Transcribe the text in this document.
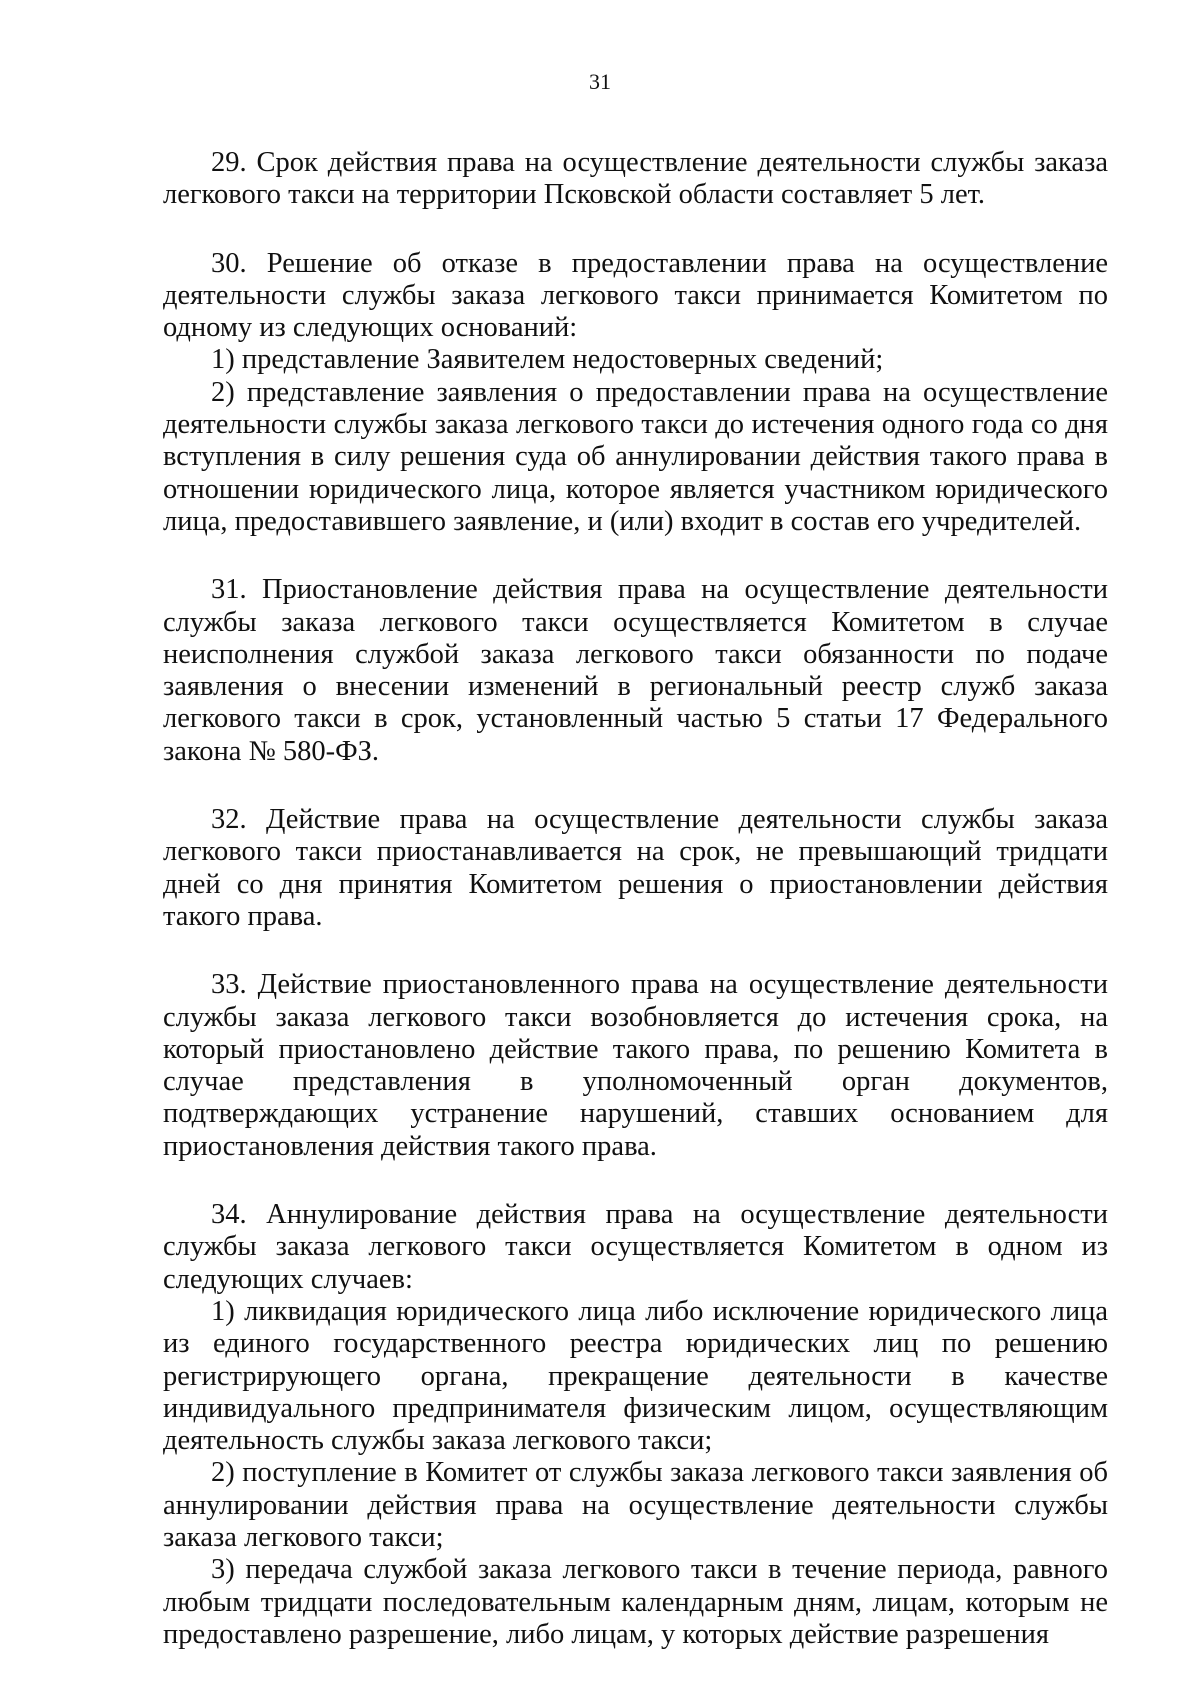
31

29. Срок действия права на осуществление деятельности службы заказа легкового такси на территории Псковской области составляет 5 лет.

30. Решение об отказе в предоставлении права на осуществление деятельности службы заказа легкового такси принимается Комитетом по одному из следующих оснований:

1) представление Заявителем недостоверных сведений;

2) представление заявления о предоставлении права на осуществление деятельности службы заказа легкового такси до истечения одного года со дня вступления в силу решения суда об аннулировании действия такого права в отношении юридического лица, которое является участником юридического лица, предоставившего заявление, и (или) входит в состав его учредителей.

31. Приостановление действия права на осуществление деятельности службы заказа легкового такси осуществляется Комитетом в случае неисполнения службой заказа легкового такси обязанности по подаче заявления о внесении изменений в региональный реестр служб заказа легкового такси в срок, установленный частью 5 статьи 17 Федерального закона № 580-ФЗ.

32. Действие права на осуществление деятельности службы заказа легкового такси приостанавливается на срок, не превышающий тридцати дней со дня принятия Комитетом решения о приостановлении действия такого права.

33. Действие приостановленного права на осуществление деятельности службы заказа легкового такси возобновляется до истечения срока, на который приостановлено действие такого права, по решению Комитета в случае представления в уполномоченный орган документов, подтверждающих устранение нарушений, ставших основанием для приостановления действия такого права.

34. Аннулирование действия права на осуществление деятельности службы заказа легкового такси осуществляется Комитетом в одном из следующих случаев:

1) ликвидация юридического лица либо исключение юридического лица из единого государственного реестра юридических лиц по решению регистрирующего органа, прекращение деятельности в качестве индивидуального предпринимателя физическим лицом, осуществляющим деятельность службы заказа легкового такси;

2) поступление в Комитет от службы заказа легкового такси заявления об аннулировании действия права на осуществление деятельности службы заказа легкового такси;

3) передача службой заказа легкового такси в течение периода, равного любым тридцати последовательным календарным дням, лицам, которым не предоставлено разрешение, либо лицам, у которых действие разрешения
